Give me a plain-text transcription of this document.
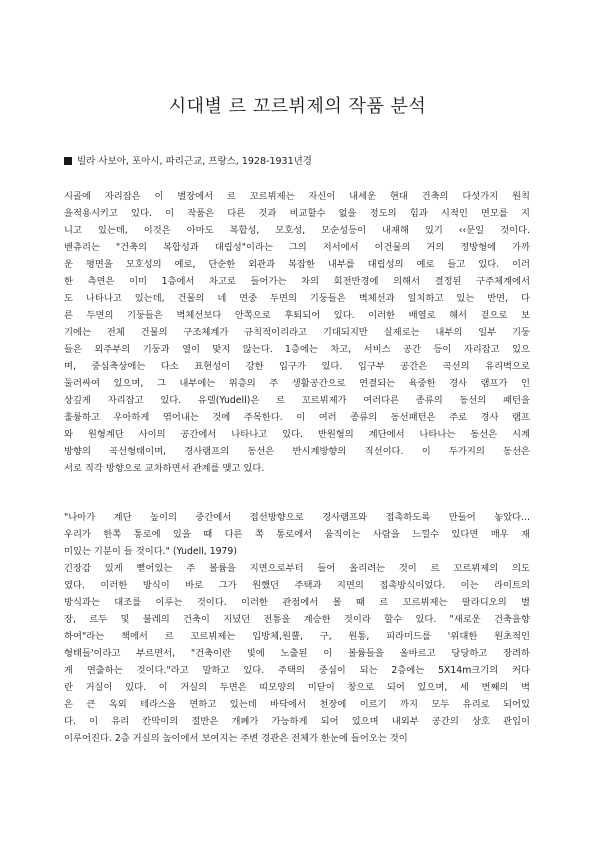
시대별 르 꼬르뷔제의 작품 분석
빌라 사보아, 포아시, 파리근교, 프랑스, 1928-1931년경
시골에 자리잡은 이 별장에서 르 꼬르뷔제는 자신이 내세운 현대 건축의 다섯가지 원칙
을적용시키고 있다. 이 작품은 다른 것과 비교할수 없을 정도의 힘과 시적인 면모를 지
니고 있는데, 이것은 아마도 복합성, 모호성, 모순성등이 내재해 있기 ‹‹문일 것이다.
벤츄리는 "건축의 복합성과 대립성"이라는 그의 저서에서 이건물의 거의 정방형에 가까
운 평면을 모호성의 예로, 단순한 외관과 복잡한 내부를 대립성의 예로 들고 있다. 이러
한 측면은 이미 1층에서 차고로 들어가는 차의 회전반경에 의해서 결정된 구주체계에서
도 나타나고 있는데, 건물의 네 면중 두면의 기둥들은 벽체선과 일치하고 있는 반면, 다
른 두면의 기둥들은 벽체선보다 안쪽으로 후퇴되어 있다. 이러한 배열로 해서 겉으로 보
기에는 전체 건물의 구조체계가 규칙적이리라고 기대되지만 실제로는 내부의 일부 기둥
들은 외주부의 기둥과 열이 맞지 않는다. 1층에는 차고, 서비스 공간 등이 자리잡고 있으
며, 중심축상에는 다소 표현성이 강한 입구가 있다. 입구부 공간은 곡선의 유리벽으로
둘러싸여 있으며, 그 내부에는 위층의 주 생활공간으로 연결되는 육중한 경사 램프가 인
상깊게 자리잡고 있다. 유델(Yudell)은 르 꼬르뷔제가 여러다른 종류의 동선의 패턴을
훌륭하고 우아하게 엮어내는 것에 주목한다. 이 여러 종류의 동선패턴은 주로 경사 램프
와 원형계단 사이의 공간에서 나타나고 있다. 반원형의 계단에서 나타나는 동선은 시계
방향의 곡선형태이며, 경사램프의 동선은 반시계방향의 직선이다. 이 두가지의 동선은
서로 직각 방향으로 교차하면서 관계를 맺고 있다.
"나아가 계단 높이의 중간에서 접선방향으로 경사램프와 접촉하도록 만들어 놓았다...
우리가 한쪽 통로에 있을 때 다른 쪽 통로에서 움직이는 사람을 느낄수 있다면 매우 재
미있는 기분이 들 것이다." (Yudell, 1979)
긴장감 있게 뻗어있는 주 볼륨을 지면으로부터 들어 올리려는 것이 르 꼬르뷔제의 의도
였다. 이러한 방식이 바로 그가 원했던 주택과 지면의 접촉방식이었다. 이는 라이트의
방식과는 대조를 이루는 것이다. 이러한 관점에서 볼 때 르 꼬르뷔제는 팔라디오의 별
장, 르두 및 불레의 건축이 지녔던 전통을 계승한 것이라 할수 있다. "새로운 건축을향
하여"라는 책에서 르 꼬르뷔제는 입방체,원뿔, 구, 원통, 피라미드를 '위대한 원초적인
형태들'이라고 부르면서, "건축이란 빛에 노출된 이 볼륨들을 올바르고 당당하고 장려하
게 연출하는 것이다."라고 말하고 있다. 주택의 중심이 되는 2층에는 5X14m크기의 커다
란 거실이 있다. 이 거실의 두면은 띠모양의 미닫이 창으로 되어 있으며, 세 번째의 벽
은 큰 옥외 테라스을 면하고 있는데 바닥에서 천장에 이르기 까지 모두 유리로 되어있
다. 이 유리 칸막이의 절반은 개폐가 가능하게 되어 있으며 내외부 공간의 상호 관입이
이루어진다. 2층 거실의 높이에서 보여지는 주변 경관은 전체가 한눈에 들어오는 것이
